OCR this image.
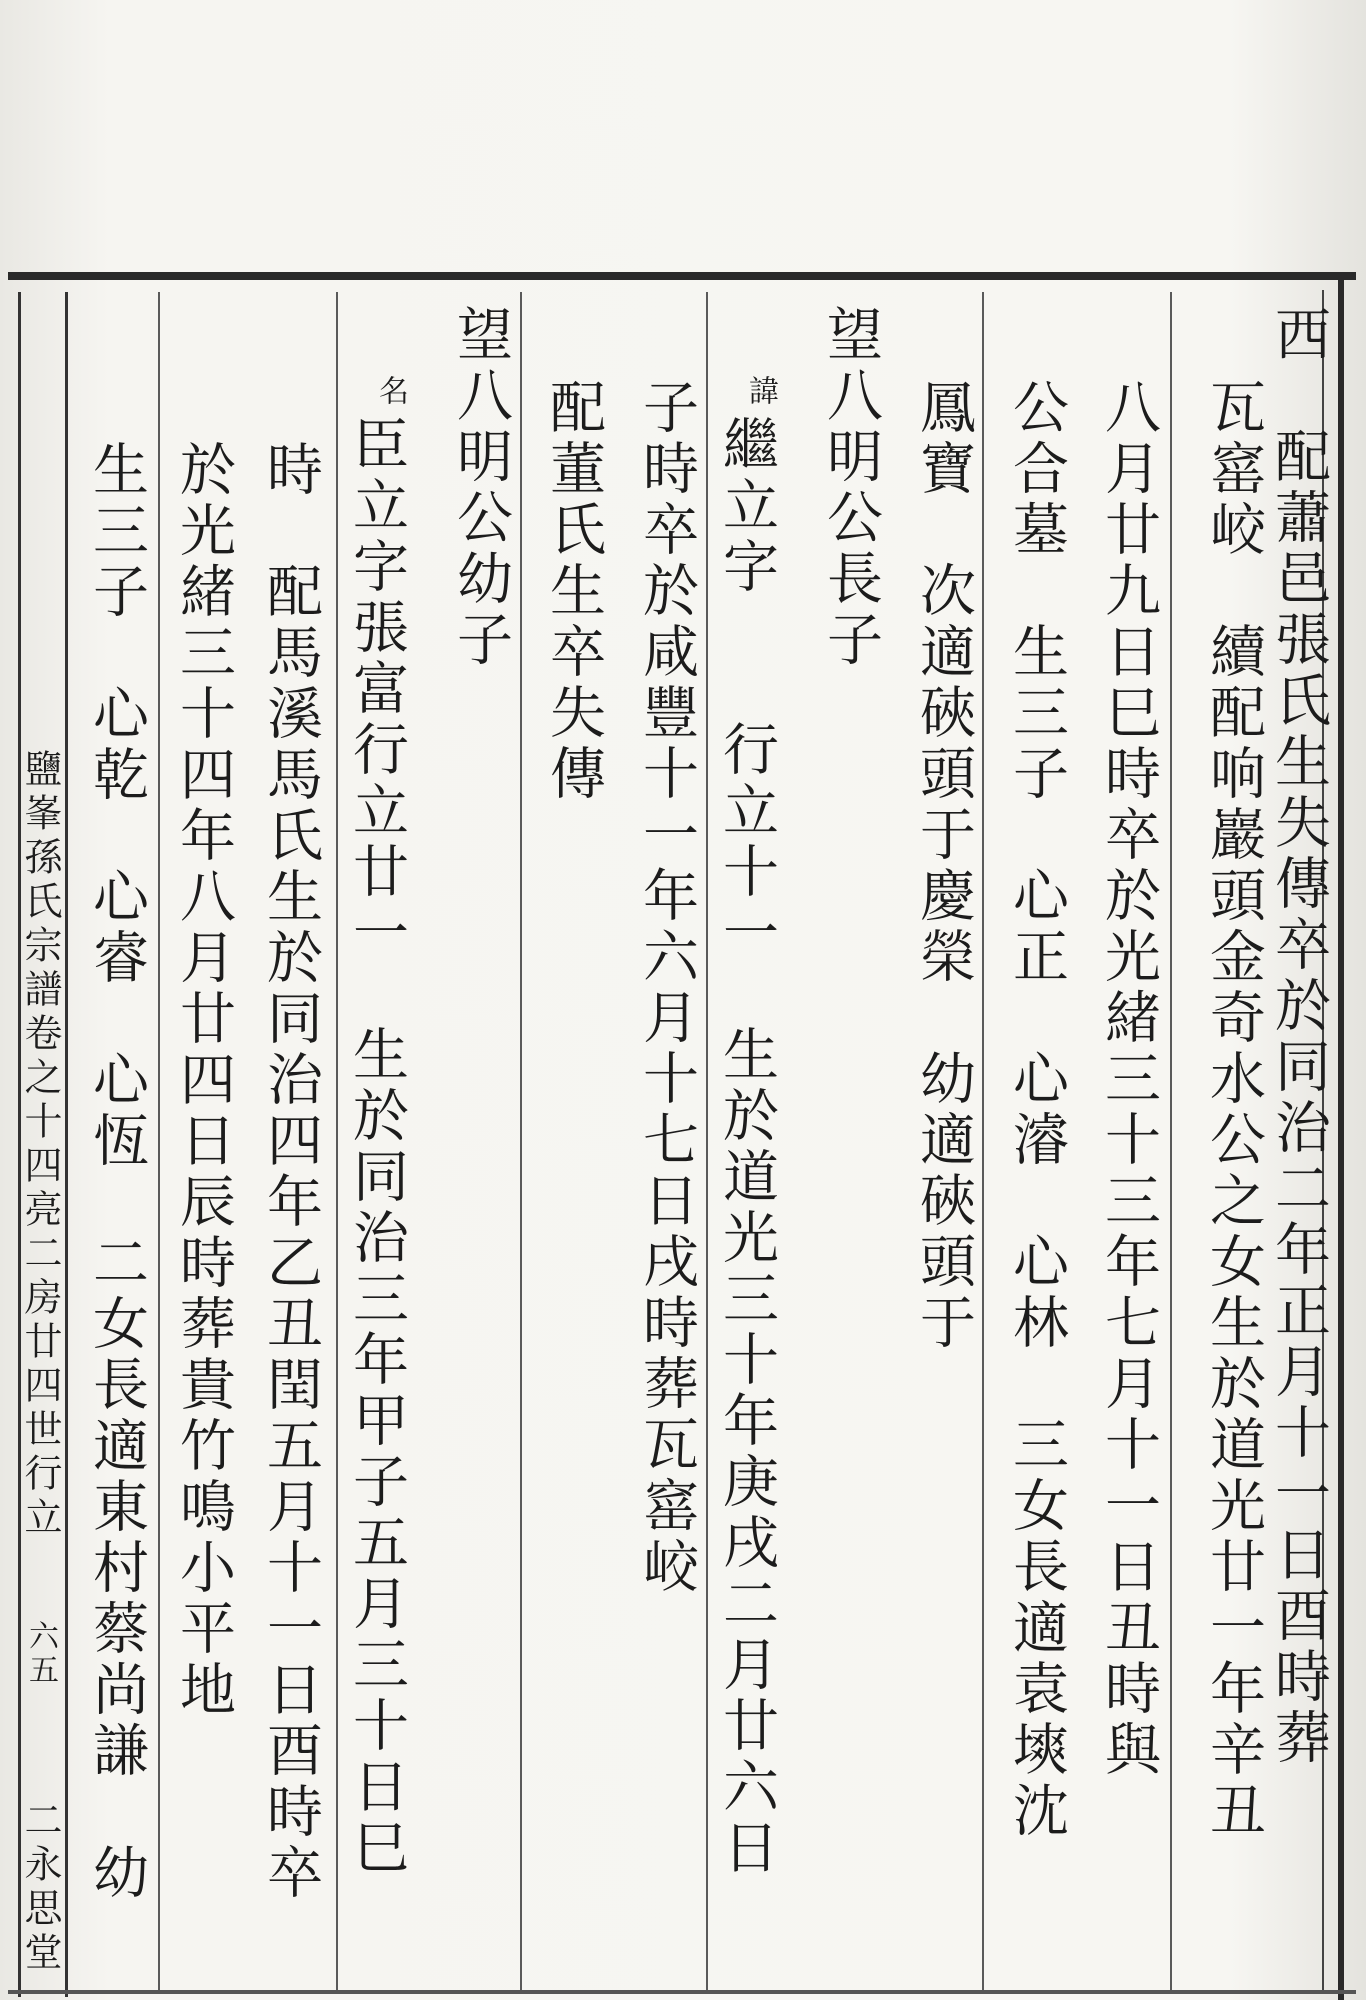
鹽峯孫氏宗譜卷之十四亮二房廿四世行立
六五
二永思堂
西　配蕭邑張氏生失傳卒於同治二年正月十一日酉時葬
瓦窰峧　續配响巖頭金奇水公之女生於道光廿一年辛丑
八月廿九日巳時卒於光緒三十三年七月十一日丑時與
公合墓　生三子　心正　心濬　心林　三女長適袁塽沈
鳳寶　次適硤頭于慶榮　幼適硤頭于
望八明公長子
諱
繼立字　　行立十一　生於道光三十年庚戌二月廿六日
子時卒於咸豐十一年六月十七日戌時葬瓦窰峧
配董氏生卒失傳
望八明公幼子
名
臣立字張富行立廿一　生於同治三年甲子五月三十日巳
時　配馬溪馬氏生於同治四年乙丑閏五月十一日酉時卒
於光緒三十四年八月廿四日辰時葬貴竹鳴小平地
生三子　心乾　心睿　心恆　二女長適東村蔡尚謙　幼
